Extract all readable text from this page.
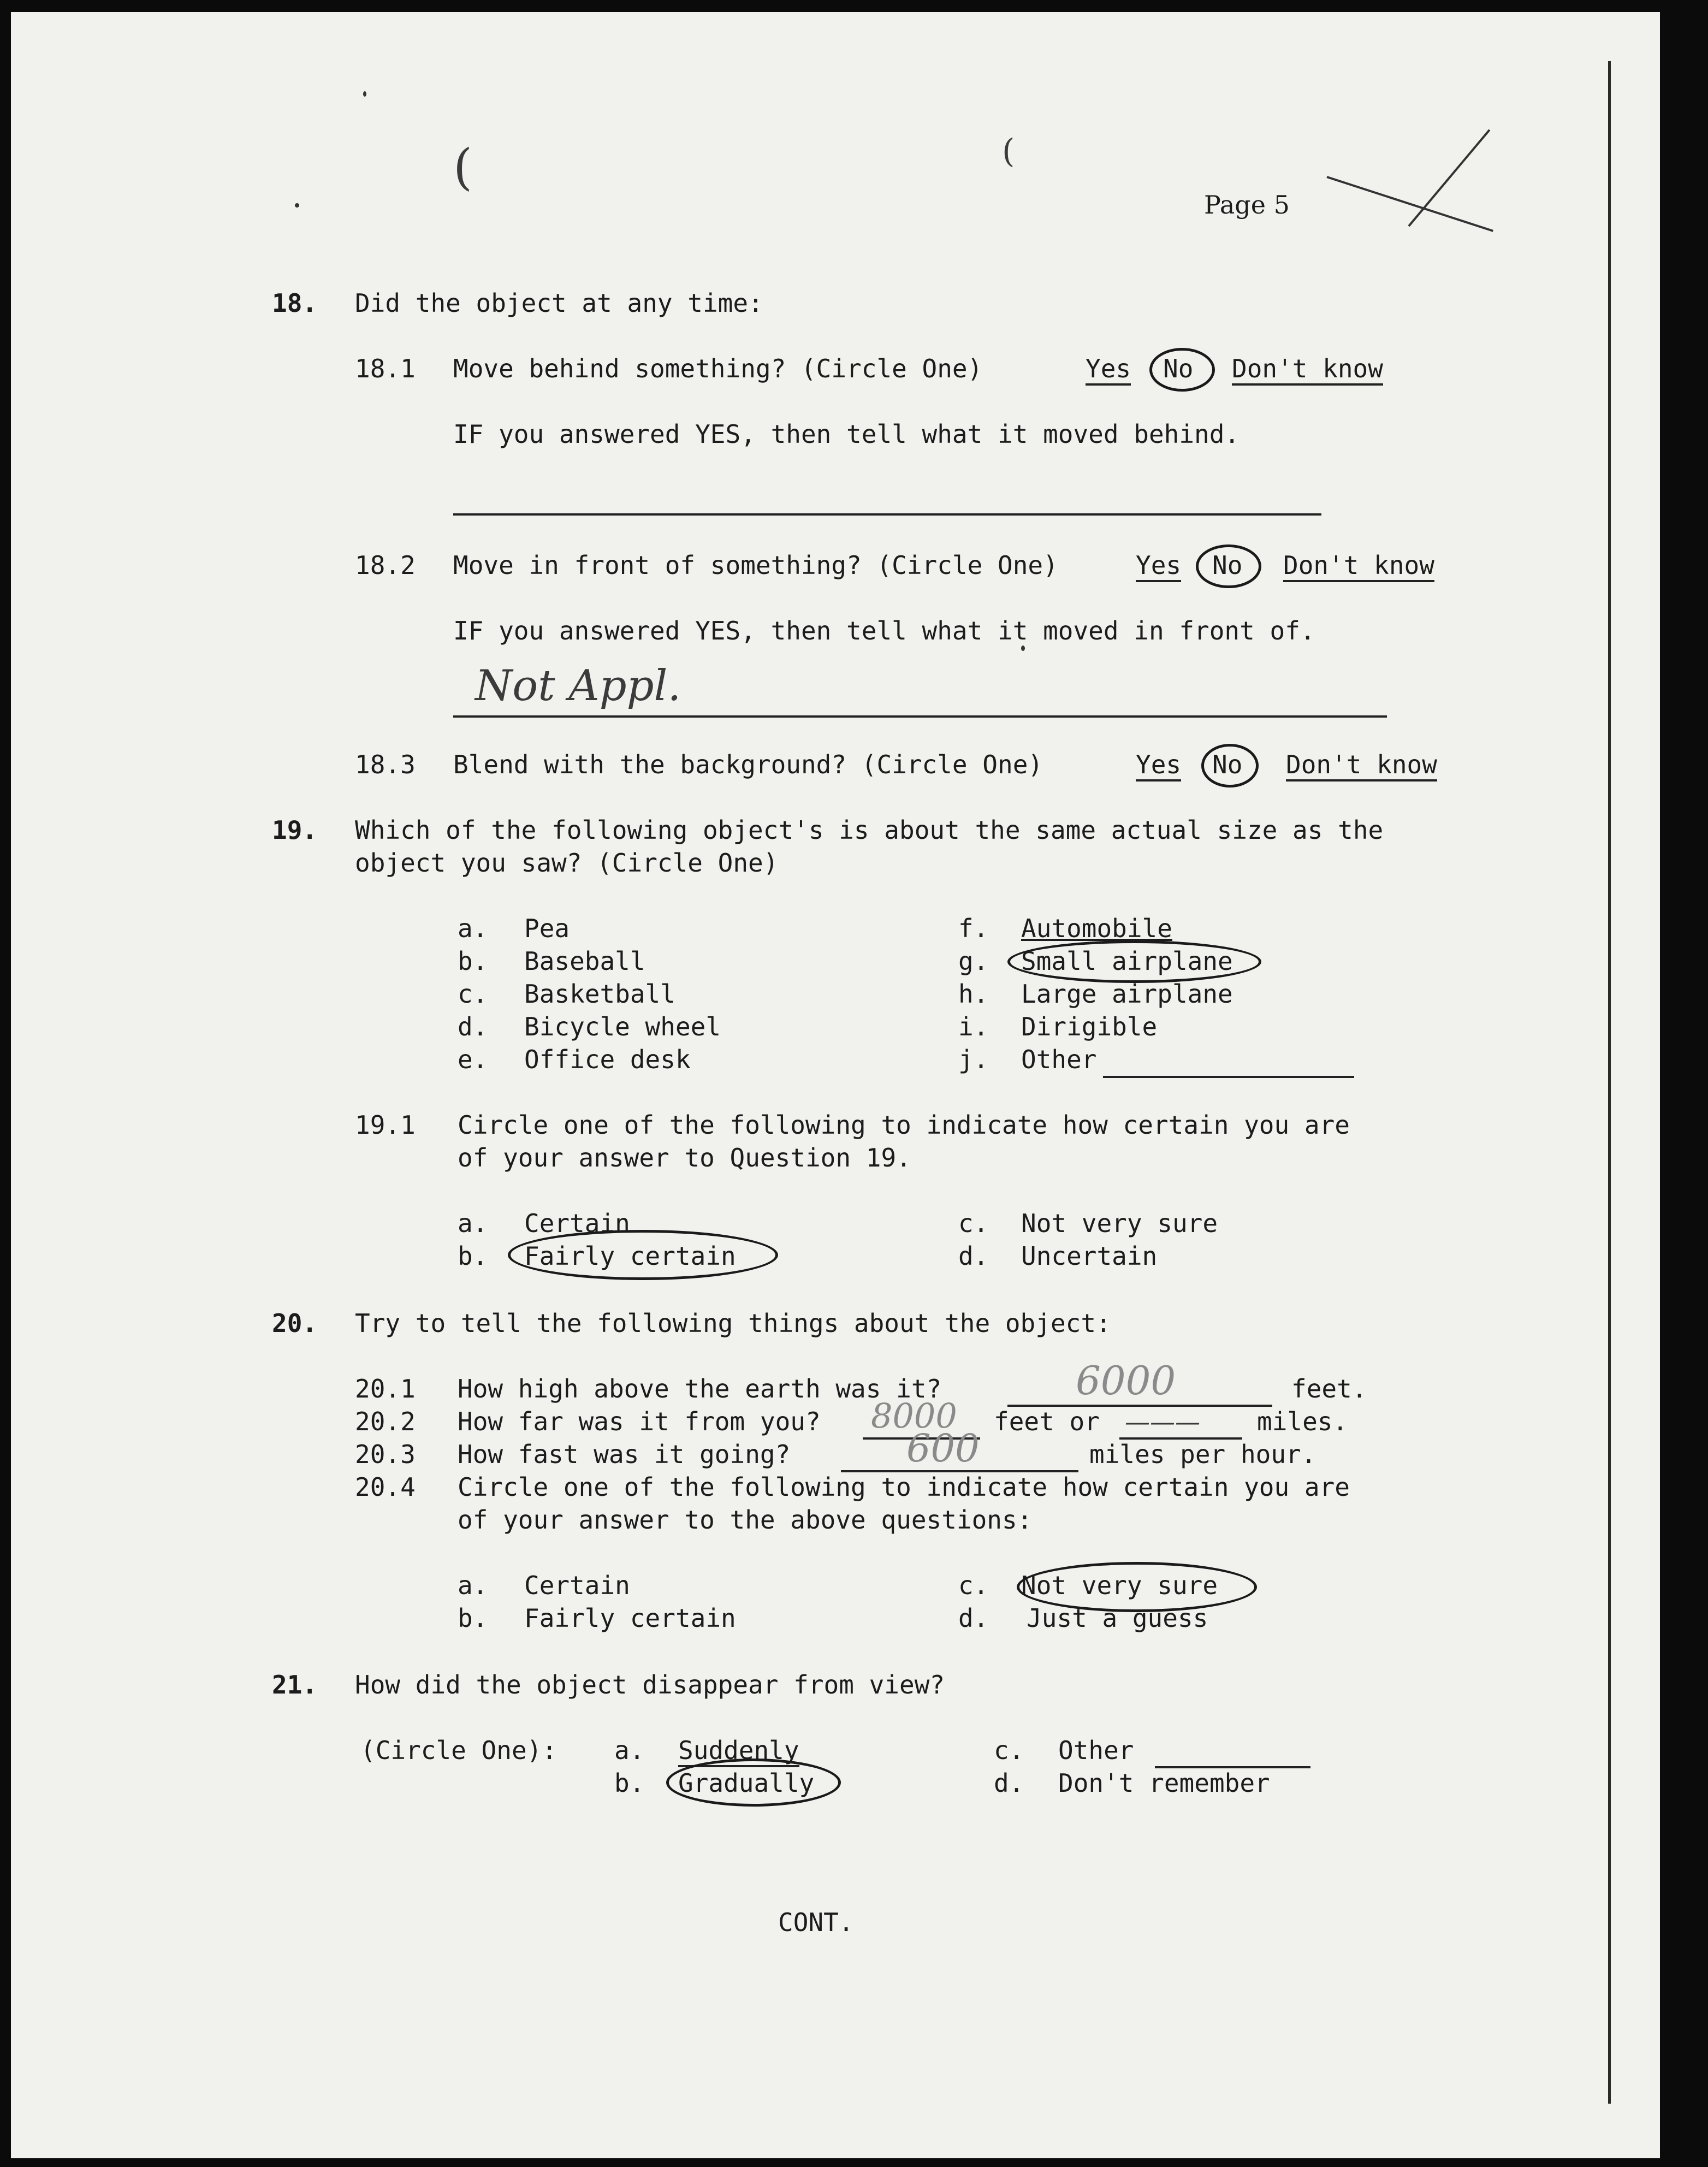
(	(
Page 5
18. Did the object at any time:
18.1 Move behind something? (Circle One)	Yes No Don't know
IF you answered YES, then tell what it moved behind.
18.2 Move in front of something? (Circle One)	Yes No Don't know
IF you answered YES, then tell what it moved in front of.
Not Appl.
18.3 Blend with the background? (Circle One)	Yes No Don't know
19. Which of the following object's is about the same actual size as the
object you saw? (Circle One)
a. Pea
b. Baseball
c. Basketball
d. Bicycle wheel
e. Office desk
f. Automobile
g. Small airplane
h. Large airplane
i. Dirigible
j. Other
19.1 Circle one of the following to indicate how certain you are
of your answer to Question 19.
a. Certain
b. Fairly certain
c. Not very sure
d. Uncertain
20. Try to tell the following things about the object:
20.1 How high above the earth was it?	6000	feet.
20.2 How far was it from you? 8000 feet or ——— miles.
20.3 How fast was it going?	600	miles per hour.
20.4 Circle one of the following to indicate how certain you are
of your answer to the above questions:
a. Certain
b. Fairly certain
c. Not very sure
d. Just a guess
21. How did the object disappear from view?
(Circle One): a. Suddenly
b. Gradually
c. Other
d. Don't remember
CONT.
